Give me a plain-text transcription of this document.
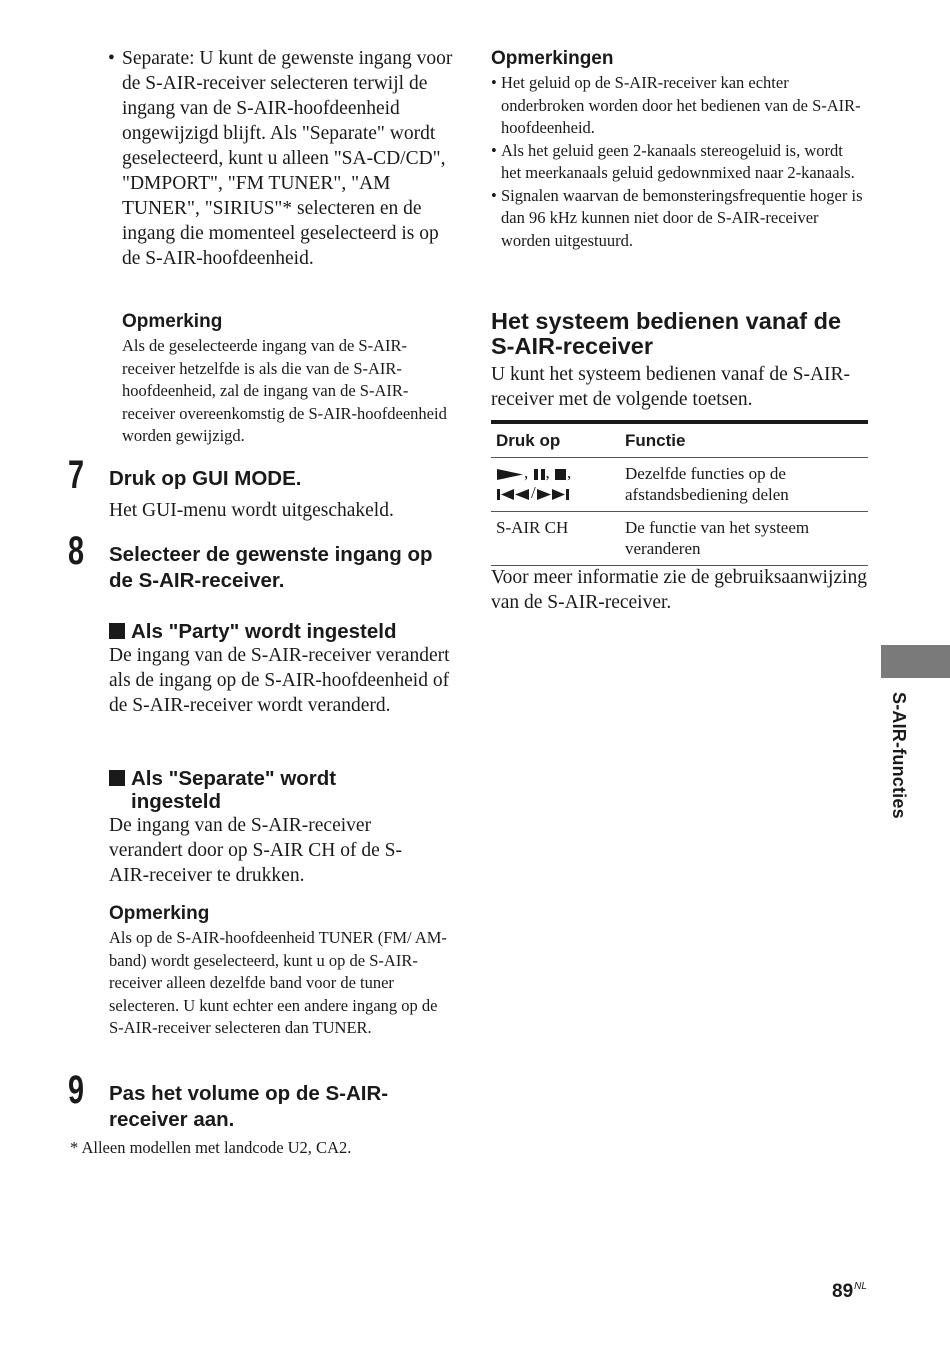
• Separate: U kunt de gewenste ingang voor de S-AIR-receiver selecteren terwijl de ingang van de S-AIR-hoofdeenheid ongewijzigd blijft. Als "Separate" wordt geselecteerd, kunt u alleen "SA-CD/CD", "DMPORT", "FM TUNER", "AM TUNER", "SIRIUS"* selecteren en de ingang die momenteel geselecteerd is op de S-AIR-hoofdeenheid.
Opmerking
Als de geselecteerde ingang van de S-AIR-receiver hetzelfde is als die van de S-AIR-hoofdeenheid, zal de ingang van de S-AIR-receiver overeenkomstig de S-AIR-hoofdeenheid worden gewijzigd.
7 Druk op GUI MODE.
Het GUI-menu wordt uitgeschakeld.
8 Selecteer de gewenste ingang op de S-AIR-receiver.
Als "Party" wordt ingesteld
De ingang van de S-AIR-receiver verandert als de ingang op de S-AIR-hoofdeenheid of de S-AIR-receiver wordt veranderd.
Als "Separate" wordt ingesteld
De ingang van de S-AIR-receiver verandert door op S-AIR CH of de S-AIR-receiver te drukken.
Opmerking
Als op de S-AIR-hoofdeenheid TUNER (FM/ AM-band) wordt geselecteerd, kunt u op de S-AIR-receiver alleen dezelfde band voor de tuner selecteren. U kunt echter een andere ingang op de S-AIR-receiver selecteren dan TUNER.
9 Pas het volume op de S-AIR-receiver aan.
* Alleen modellen met landcode U2, CA2.
Opmerkingen
• Het geluid op de S-AIR-receiver kan echter onderbroken worden door het bedienen van de S-AIR-hoofdeenheid.
• Als het geluid geen 2-kanaals stereogeluid is, wordt het meerkanaals geluid gedownmixed naar 2-kanaals.
• Signalen waarvan de bemonsteringsfrequentie hoger is dan 96 kHz kunnen niet door de S-AIR-receiver worden uitgestuurd.
Het systeem bedienen vanaf de S-AIR-receiver
U kunt het systeem bedienen vanaf de S-AIR-receiver met de volgende toetsen.
Druk op	Functie
, , ,
/
Dezelfde functies op de afstandsbediening delen
S-AIR CH	De functie van het systeem veranderen
Voor meer informatie zie de gebruiksaanwijzing van de S-AIR-receiver.
S-AIR-functies
$89^{NL}$
